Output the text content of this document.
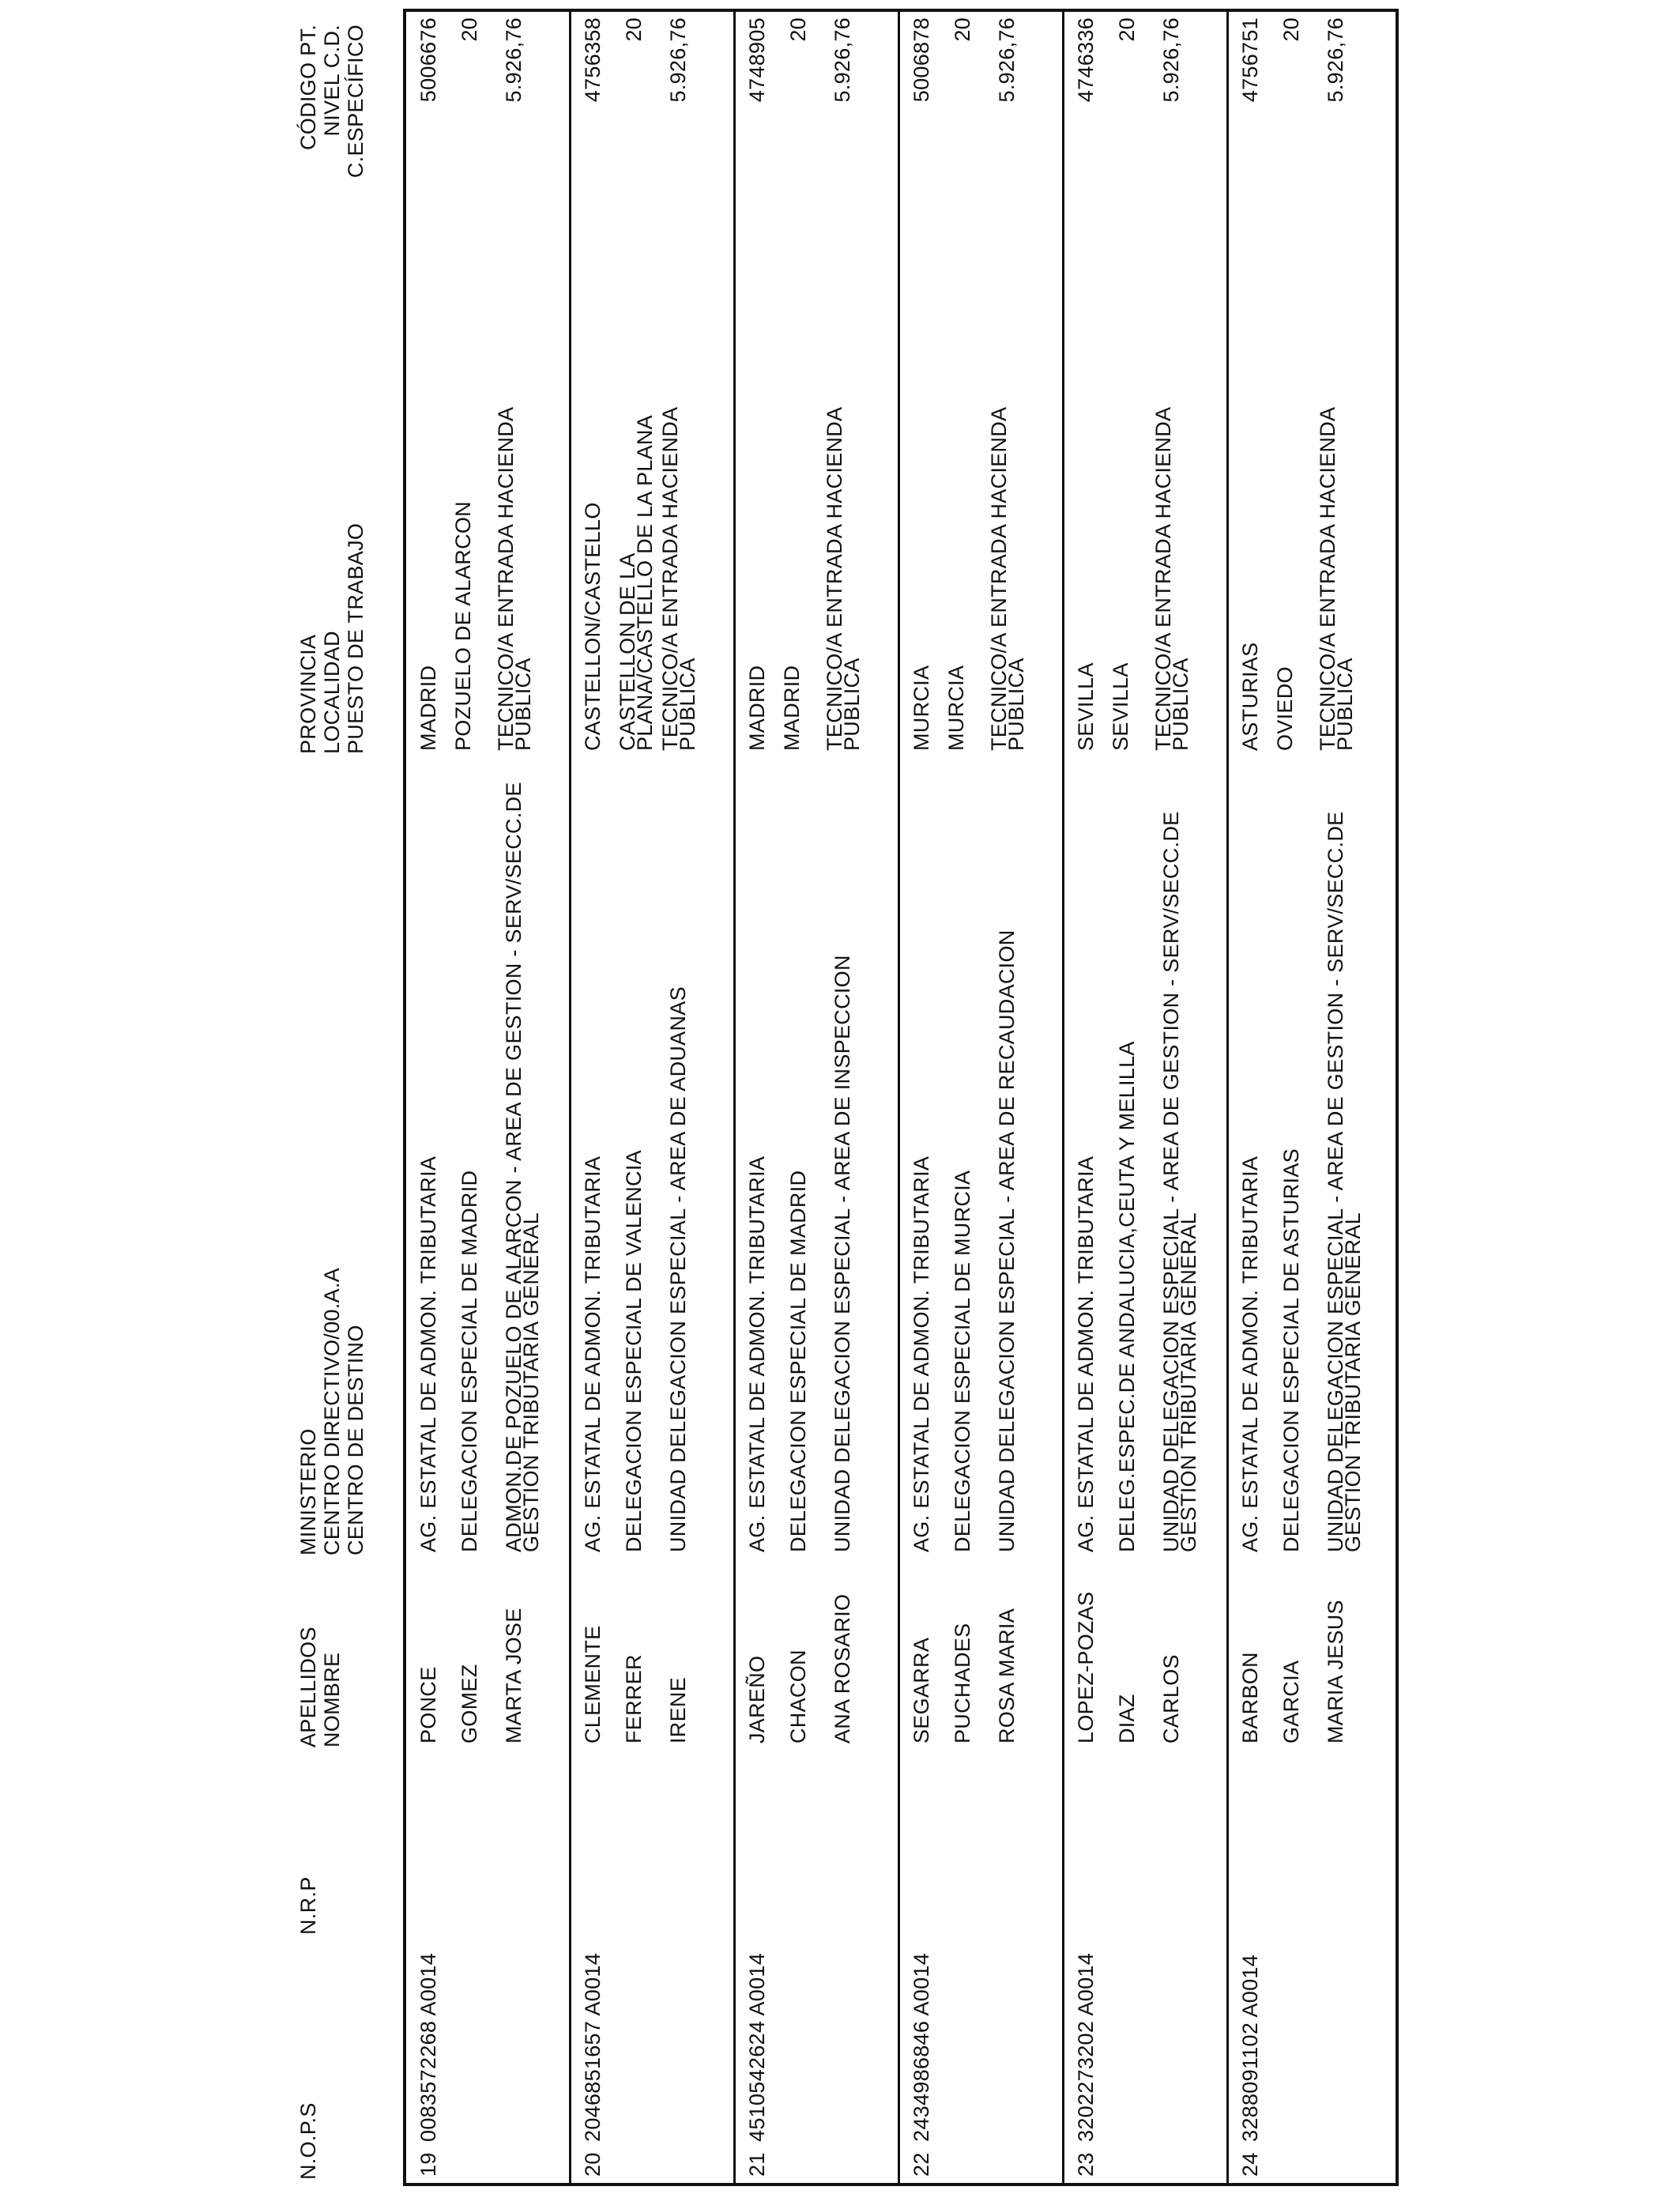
N.O.P.S
N.R.P
APELLIDOS NOMBRE
MINISTERIO CENTRO DIRECTIVO/00.A.A CENTRO DE DESTINO
PROVINCIA LOCALIDAD PUESTO DE TRABAJO
CÓDIGO PT. NIVEL C.D. C.ESPECÍFICO
19
0083572268 A0014
PONCE GOMEZ MARTA JOSE
AG. ESTATAL DE ADMON. TRIBUTARIA DELEGACION ESPECIAL DE MADRID ADMON.DE POZUELO DE ALARCON - AREA DE GESTION - SERV/SECC.DE
GESTION TRIBUTARIA GENERAL
MADRID POZUELO DE ALARCON TECNICO/A ENTRADA HACIENDA
PUBLICA
5006676 20 5.926,76
20
2046851657 A0014
CLEMENTE FERRER IRENE
AG. ESTATAL DE ADMON. TRIBUTARIA DELEGACION ESPECIAL DE VALENCIA UNIDAD DELEGACION ESPECIAL - AREA DE ADUANAS
CASTELLON/CASTELLO CASTELLON DE LA
PLANA/CASTELLO DE LA PLANA TECNICO/A ENTRADA HACIENDA
PUBLICA
4756358 20 5.926,76
21
4510542624 A0014
JAREÑO CHACON ANA ROSARIO
AG. ESTATAL DE ADMON. TRIBUTARIA DELEGACION ESPECIAL DE MADRID UNIDAD DELEGACION ESPECIAL - AREA DE INSPECCION
MADRID MADRID TECNICO/A ENTRADA HACIENDA
PUBLICA
4748905 20 5.926,76
22
2434986846 A0014
SEGARRA PUCHADES ROSA MARIA
AG. ESTATAL DE ADMON. TRIBUTARIA DELEGACION ESPECIAL DE MURCIA UNIDAD DELEGACION ESPECIAL - AREA DE RECAUDACION
MURCIA MURCIA TECNICO/A ENTRADA HACIENDA
PUBLICA
5006878 20 5.926,76
23
3202273202 A0014
LOPEZ-POZAS DIAZ CARLOS
AG. ESTATAL DE ADMON. TRIBUTARIA DELEG.ESPEC.DE ANDALUCIA,CEUTA Y MELILLA UNIDAD DELEGACION ESPECIAL - AREA DE GESTION - SERV/SECC.DE
GESTION TRIBUTARIA GENERAL
SEVILLA SEVILLA TECNICO/A ENTRADA HACIENDA
PUBLICA
4746336 20 5.926,76
24
3288091102 A0014
BARBON GARCIA MARIA JESUS
AG. ESTATAL DE ADMON. TRIBUTARIA DELEGACION ESPECIAL DE ASTURIAS UNIDAD DELEGACION ESPECIAL - AREA DE GESTION - SERV/SECC.DE
GESTION TRIBUTARIA GENERAL
ASTURIAS OVIEDO TECNICO/A ENTRADA HACIENDA
PUBLICA
4756751 20 5.926,76
